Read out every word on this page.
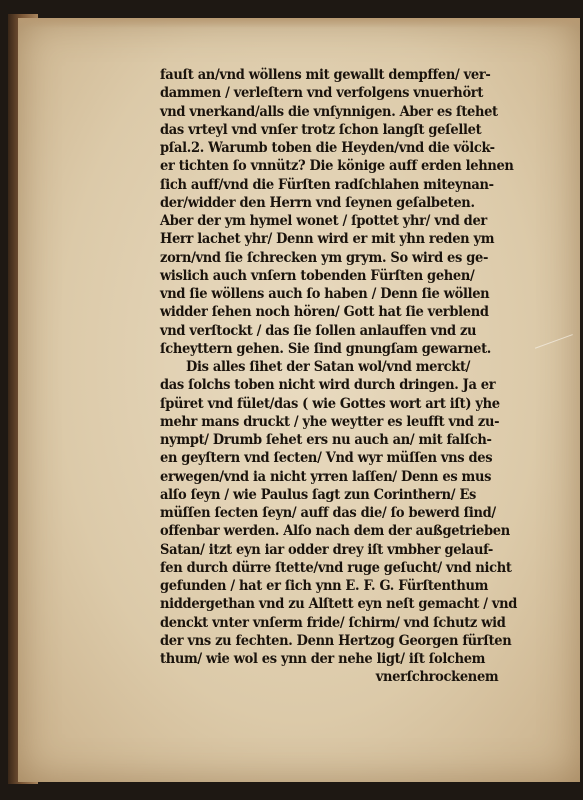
fauſt an/vnd wöllens mit gewallt dempffen/ ver-
dammen / verleſtern vnd verfolgens vnuerhört
vnd vnerkand/alls die vnſynnigen. Aber es ſtehet
das vrteyl vnd vnſer trotz ſchon langſt geſellet
pſal.2. Warumb toben die Heyden/vnd die völck-
er tichten ſo vnnütz? Die könige auff erden lehnen
ſich auff/vnd die Fürſten radſchlahen miteynan-
der/widder den Herrn vnd ſeynen geſalbeten.
Aber der ym hymel wonet / ſpottet yhr/ vnd der
Herr lachet yhr/ Denn wird er mit yhn reden ym
zorn/vnd ſie ſchrecken ym grym. So wird es ge-
wislich auch vnſern tobenden Fürſten gehen/
vnd ſie wöllens auch ſo haben / Denn ſie wöllen
widder ſehen noch hören/ Gott hat ſie verblend
vnd verſtockt / das ſie ſollen anlauffen vnd zu
ſcheyttern gehen. Sie ſind gnungſam gewarnet.
Dis alles ſihet der Satan wol/vnd merckt/
das ſolchs toben nicht wird durch dringen. Ja er
ſpüret vnd fület/das ( wie Gottes wort art iſt) yhe
mehr mans druckt / yhe weytter es leufft vnd zu-
nympt/ Drumb ſehet ers nu auch an/ mit falſch-
en geyſtern vnd ſecten/ Vnd wyr müſſen vns des
erwegen/vnd ia nicht yrren laſſen/ Denn es mus
alſo ſeyn / wie Paulus ſagt zun Corinthern/ Es
müſſen ſecten ſeyn/ auff das die/ ſo bewerd ſind/
offenbar werden. Alſo nach dem der außgetrieben
Satan/ itzt eyn iar odder drey iſt vmbher gelauf-
fen durch dürre ſtette/vnd ruge geſucht/ vnd nicht
gefunden / hat er ſich ynn E. F. G. Fürſtenthum
niddergethan vnd zu Alſtett eyn neſt gemacht / vnd
denckt vnter vnſerm fride/ ſchirm/ vnd ſchutz wid
der vns zu fechten. Denn Hertzog Georgen fürſten
thum/ wie wol es ynn der nehe ligt/ iſt ſolchem
vnerſchrockenem
